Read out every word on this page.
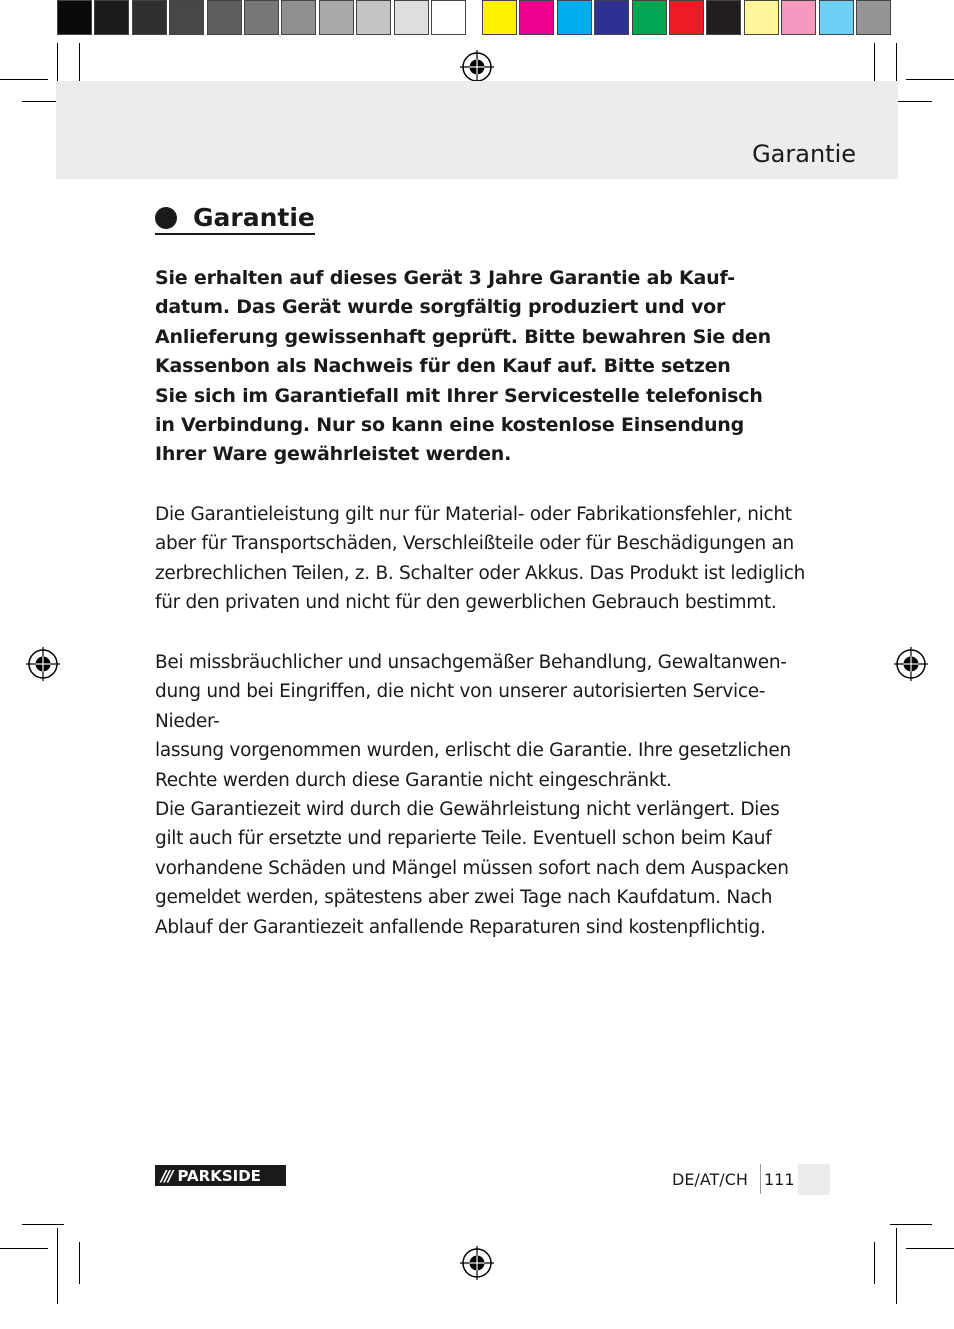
Garantie
Garantie
Sie erhalten auf dieses Gerät 3 Jahre Garantie ab Kauf-
datum. Das Gerät wurde sorgfältig produziert und vor
Anlieferung gewissenhaft geprüft. Bitte bewahren Sie den
Kassenbon als Nachweis für den Kauf auf. Bitte setzen
Sie sich im Garantiefall mit Ihrer Servicestelle telefonisch
in Verbindung. Nur so kann eine kostenlose Einsendung
Ihrer Ware gewährleistet werden.

Die Garantieleistung gilt nur für Material- oder Fabrikationsfehler, nicht
aber für Transportschäden, Verschleißteile oder für Beschädigungen an
zerbrechlichen Teilen, z. B. Schalter oder Akkus. Das Produkt ist lediglich
für den privaten und nicht für den gewerblichen Gebrauch bestimmt.

Bei missbräuchlicher und unsachgemäßer Behandlung, Gewaltanwen-
dung und bei Eingriffen, die nicht von unserer autorisierten Service-Nieder-
lassung vorgenommen wurden, erlischt die Garantie. Ihre gesetzlichen
Rechte werden durch diese Garantie nicht eingeschränkt.

Die Garantiezeit wird durch die Gewährleistung nicht verlängert. Dies
gilt auch für ersetzte und reparierte Teile. Eventuell schon beim Kauf
vorhandene Schäden und Mängel müssen sofort nach dem Auspacken
gemeldet werden, spätestens aber zwei Tage nach Kaufdatum. Nach
Ablauf der Garantiezeit anfallende Reparaturen sind kostenpflichtig.

/// PARKSIDE	DE/AT/CH 111
